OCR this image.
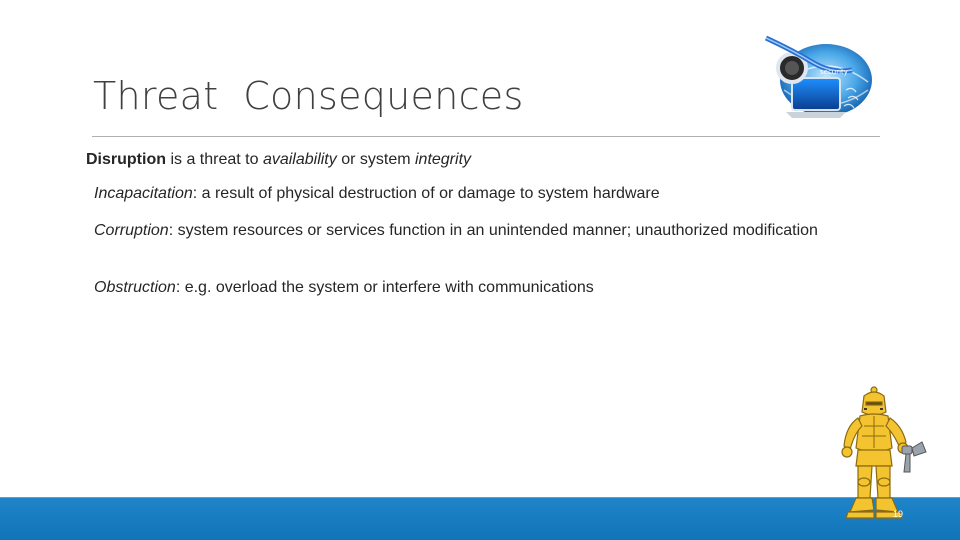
Threat  Consequences
security
Disruption is a threat to availability or system integrity
Incapacitation: a result of physical destruction of or damage to system hardware
Corruption: system resources or services function in an unintended manner; unauthorized modification
Obstruction: e.g. overload the system or interfere with communications
19
